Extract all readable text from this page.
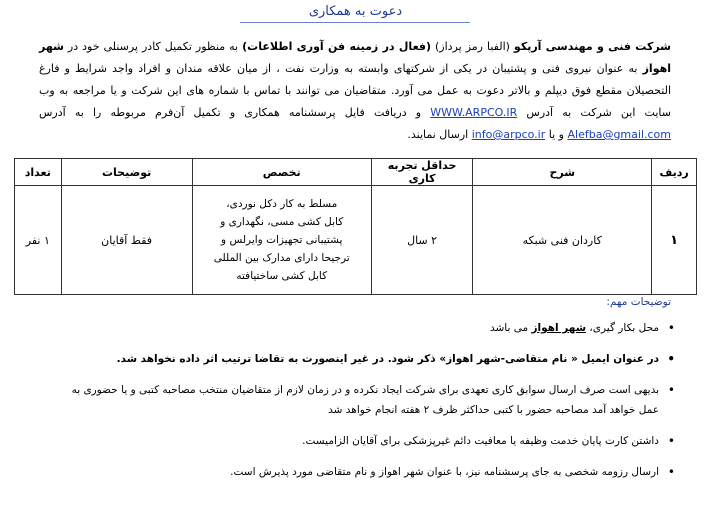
دعوت به همکاری
شرکت فنی و مهندسی آرپکو (الفبا رمز پرداز) (فعال در زمینه فن آوری اطلاعات) به منظور تکمیل کادر پرسنلی خود در شهر اهواز به عنوان نیروی فنی و پشتیبان در یکی از شرکتهای وابسته به وزارت نفت ، از میان علاقه مندان و افراد واجد شرایط و فارغ التحصیلان مقطع فوق دیپلم و بالاتر دعوت به عمل می آورد. متقاضیان می توانند با تماس با شماره های این شرکت و یا مراجعه به وب سایت این شرکت به آدرس WWW.ARPCO.IR و دریافت فایل پرسشنامه همکاری و تکمیل آن‌فرم مربوطه را به آدرس Alefba@gmail.com و یا info@arpco.ir ارسال نمایند.
ردیف	شرح	حداقل تجربه کاری	تخصص	توضیحات	تعداد
۱	کاردان فنی شبکه	۲ سال	مسلط به کار دکل نوردی،
کابل کشی مسی، نگهداری و
پشتیبانی تجهیزات وایرلس و
ترجیحا دارای مدارک بین المللی
کابل کشی ساختیافته	فقط آقایان	۱ نفر
توضیحات مهم:
• محل بکار گیری، شهر اهواز می باشد
• در عنوان ایمیل « نام متقاضی-شهر اهواز» ذکر شود. در غیر اینصورت به تقاضا ترتیب اثر داده نخواهد شد.
• بدیهی است صرف ارسال سوابق کاری تعهدی برای شرکت ایجاد نکرده و در زمان لازم از متقاضیان منتخب مصاحبه کتبی و یا حضوری به عمل خواهد آمد مصاحبه حضور با کتبی حداکثر ظرف ۲ هفته انجام خواهد شد
• داشتن کارت پایان خدمت وظیفه یا معافیت دائم غیرپزشکی برای آقایان الزامیست.
• ارسال رزومه شخصی به جای پرسشنامه نیز، با عنوان شهر اهواز و نام متقاضی مورد پذیرش است.
